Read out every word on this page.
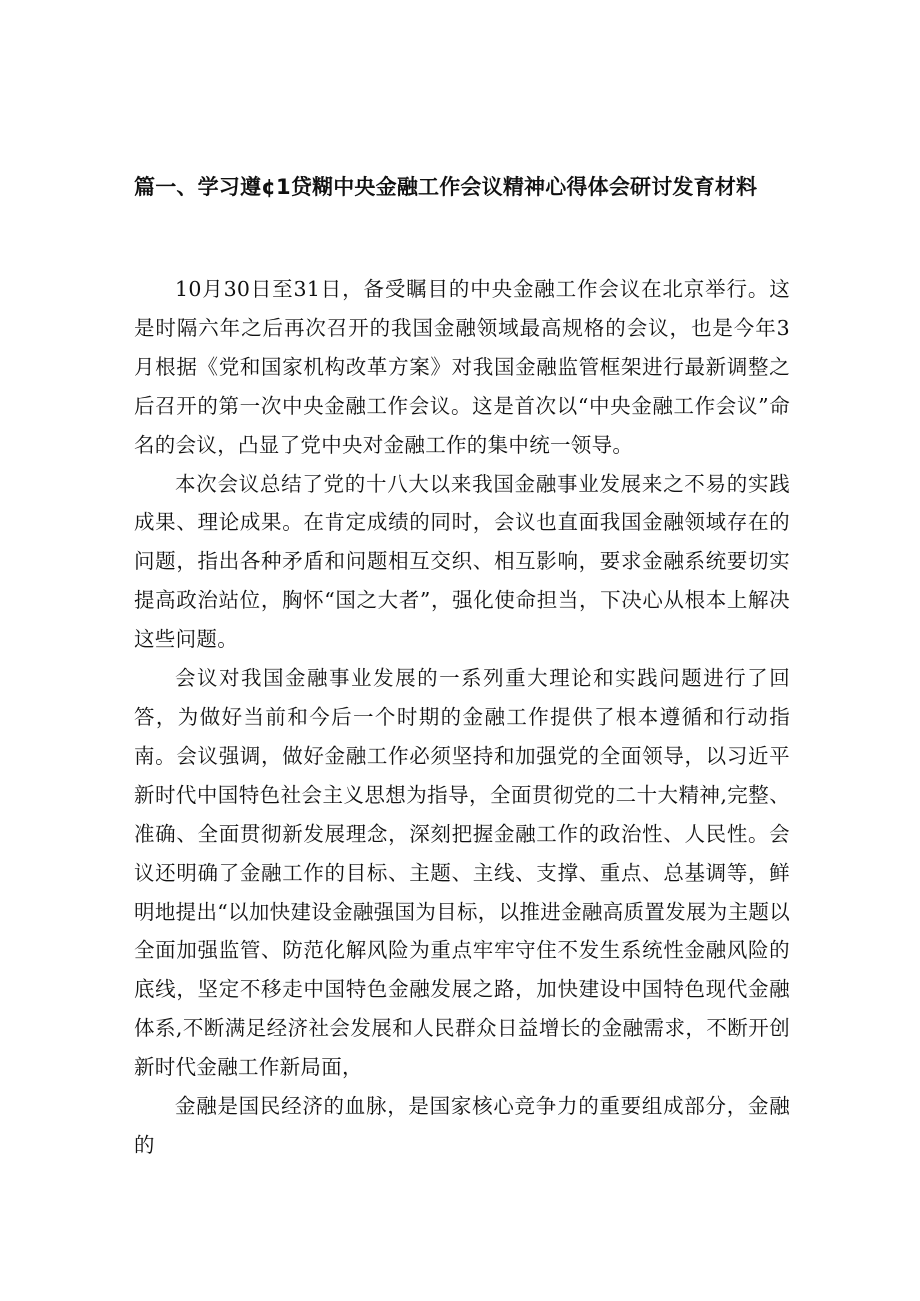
篇一、学习遵¢1贷糊中央金融工作会议精神心得体会研讨发育材料

10月30日至31日，备受瞩目的中央金融工作会议在北京举行。这是时隔六年之后再次召开的我国金融领域最高规格的会议，也是今年3月根据《党和国家机构改革方案》对我国金融监管框架进行最新调整之后召开的第一次中央金融工作会议。这是首次以“中央金融工作会议”命名的会议，凸显了党中央对金融工作的集中统一领导。

本次会议总结了党的十八大以来我国金融事业发展来之不易的实践成果、理论成果。在肯定成绩的同时，会议也直面我国金融领域存在的问题，指出各种矛盾和问题相互交织、相互影响，要求金融系统要切实提高政治站位，胸怀“国之大者”，强化使命担当，下决心从根本上解决这些问题。

会议对我国金融事业发展的一系列重大理论和实践问题进行了回答，为做好当前和今后一个时期的金融工作提供了根本遵循和行动指南。会议强调，做好金融工作必须坚持和加强党的全面领导，以习近平新时代中国特色社会主义思想为指导，全面贯彻党的二十大精神,完整、准确、全面贯彻新发展理念，深刻把握金融工作的政治性、人民性。会议还明确了金融工作的目标、主题、主线、支撑、重点、总基调等，鲜明地提出“以加快建设金融强国为目标，以推进金融高质置发展为主题以全面加强监管、防范化解风险为重点牢牢守住不发生系统性金融风险的底线，坚定不移走中国特色金融发展之路，加快建设中国特色现代金融体系,不断满足经济社会发展和人民群众日益增长的金融需求，不断开创新时代金融工作新局面，

金融是国民经济的血脉，是国家核心竞争力的重要组成部分，金融的
